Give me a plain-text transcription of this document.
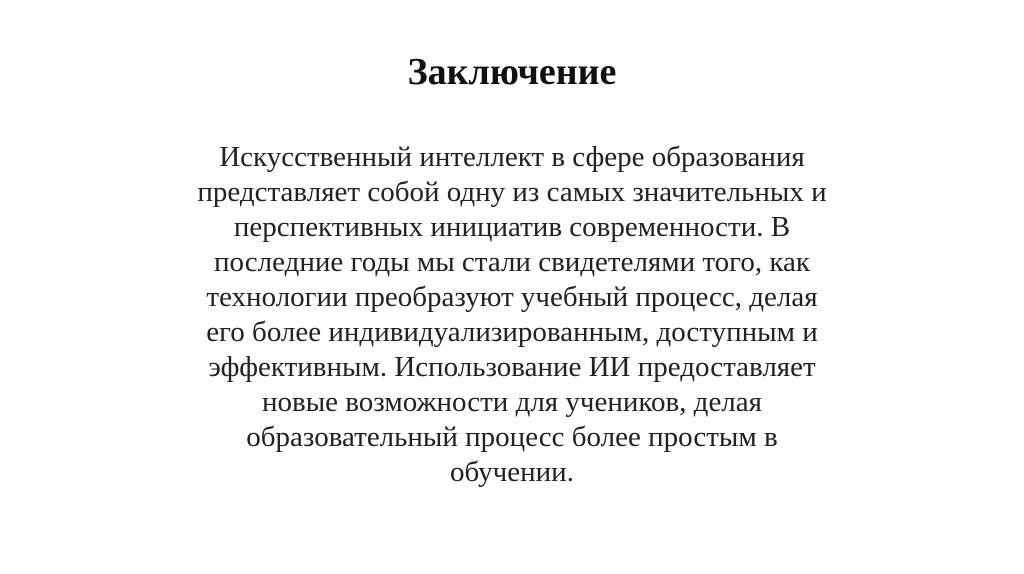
Заключение
Искусственный интеллект в сфере образования
представляет собой одну из самых значительных и
перспективных инициатив современности. В
последние годы мы стали свидетелями того, как
технологии преобразуют учебный процесс, делая
его более индивидуализированным, доступным и
эффективным. Использование ИИ предоставляет
новые возможности для учеников, делая
образовательный процесс более простым в
обучении.
